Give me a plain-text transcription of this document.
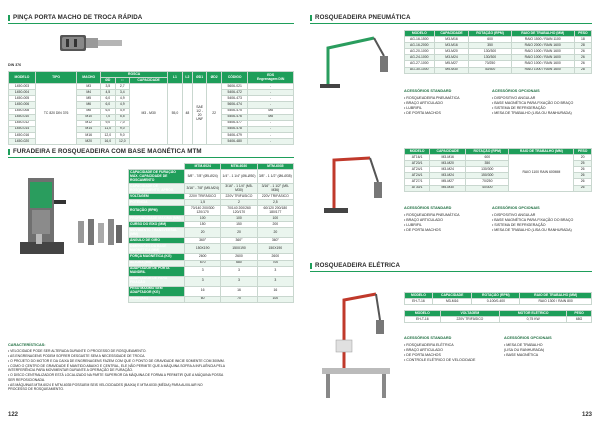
PINÇA PORTA MACHO DE TROCA RÁPIDA
DIN 376
MODELO	TIPO	MACHO	ROSCA			L1	L2	ØD1	ØD2	CÓDIGO	EDS
Engrenagem DIN
			ØD	□	CAPACIDADE						
1450-003	TC 820 DIN 376	M3	3,5	2,7	M3 - M30	55,0	48	SAE 1/2 - 20 UNF	22	5606-021	-
1450-004		M4	4,5	3,4						5406-472	-
1450-005		M5	6,0	4,9						5406-473	-
1450-006		M6	6,0	4,9						5606-474	-
1450-008		M8	6,0	4,9						5406-475	M8
1450-010		M10	7,0	5,5						5406-476	M8
1450-012		M12	9,0	7,0						5406-477	-
1450-014		M14	11,0	9,0						5406-478	-
1450-016		M16	12,0	9,0						5406-479	-
1450-020		M20	16,0	12,0						5406-480	-
FURADEIRA E ROSQUEADEIRA COM BASE MAGNÉTICA MTM
	MTM-6024	MTM-6030	MTM-6035
CAPACIDADE DE FURAÇÃO MÁX. CAPACIDADE DE ROSCAMENTO	5/8" - 7/8" (Ø5-Ø24)	1/4" - 1 1/4" (Ø6-Ø30)	3/8" - 1 1/2" (Ø6-Ø35)
CAPACIDADE DE ROSQUEAMENTO, APROX.	3/16" - 7/8" (M5-M24)	3/16" - 1 1/4" (M5-M30)	3/16" - 1 1/2" (M5-M36)
VOLTAGEM	220V TRIFÁSICO	220V TRIFÁSICO	220V TRIFÁSICO
POTÊNCIA	1,5	2	2,5
ROTAÇÃO (RPM)	70/140 200/300 120/170	70/140 200/260 120/170	60/120 200/180 180/177
PROFUNDIDADE MÁXIMA (MM)	100	100	100
CURSO DO EIXO (MM)	150	150	200
MOVIMENTO TRANSVERSAL (MM)	20	20	20
ÂNGULO DE GIRO	360°	360°	360°
DIMENSÕES DA BASE MAGNÉTICA (MM)	150X190	150X190	150X190
FORÇA MAGNÉTICA (KG)	2600	2600	2600
ALTURA (MM)	670	680	700
ADAPTADOR DE PORTA MANDRIL	3	3	3
ADAPTADOR DE PARA FIXAÇÃO	3	3	3
PESO MÁXIMO SEM ADAPTADOR (KG)	16	16	16
PESO (KG)	60	70	100
CARACTERÍSTICAS:
• VELOCIDADE PODE SER ALTERADA DURANTE O PROCESSO DE ROSQUEAMENTO.
• AS ENGRENAGENS PODEM SOFRER DESGASTE SEM A NECESSIDADE DE TROCA.
• O PROJETO DO MOTOR E DA CAIXA DE ENGRENAGENS FAZEM COM QUE O PONTO DE GRAVIDADE INICIE SOMENTE COM 300MM.
• COMO O CENTRO DE GRAVIDADE É MANTIDO ABAIXO E CENTRAL, ELE NÃO PERMITE QUE A MÁQUINA SOFRA A INFLUÊNCIA PELA
INTERFERÊNCIA PARA MOVIMENTAR DURANTE A OPERAÇÃO DE FURAÇÃO.
• O DISCO CENTRALIZADOR ESTÁ LOCALIZADO NA PARTE SUPERIOR DA MÁQUINA DE FORMA A PERMITIR QUE A MÁQUINA POSSA
SER REPOSICIONADA.
• AS MÁQUINAS MTM-6024 E MTM-6035 POSSUEM SEIS VELOCIDADES (BAIXA) E MTM-6030 (MÉDIA) PARA AUXILIAR NO
PROCESSO DE ROSQUEAMENTO.
122
ROSQUEADEIRA PNEUMÁTICA
MODELO	CAPACIDADE	ROTAÇÃO (RPM)	RAIO DE TRABALHO (MM)	PESO
AG-16-1500	M3-M16	600	RAIO 1500 / RAIN 1100	18
AG-16-2000	M3-M16	350	RAIO 2000 / RAIN 1600	28
AG-20-1000	M3-M20	130/300	RAIO 1000 / RAIN 1600	26
AG-24-1000	M3-M24	130/300	RAIO 1000 / RAIN 1600	26
AG-27-1000	M5-M27	70/250	RAIO 1000 / RAIN 1600	26
AG-30-1000	M5-M30	40/300	RAIO 1000 / RAIN 1600	28
ACESSÓRIOS STANDARD
• ROSQUEADEIRA PNEUMÁTICA
• BRAÇO ARTICULADO
• LUBRIFIL
• DE PORTA MACHOS
ACESSÓRIOS OPCIONAIS
• DISPOSITIVO ANGULAR
• BASE MAGNÉTICA PARA FIXAÇÃO DO BRAÇO
• SISTEMA DE REFRIGERAÇÃO
• MESA DE TRABALHO (LISA OU RANHURADA)
MODELO	CAPACIDADE	ROTAÇÃO (RPM)	RAIO DE TRABALHO (MM)	PESO
AT16/1	M3-M16	600	RAIO 1100 RAIN 600MM	20
AT20/1	M3-M20	350		25
AT24/1	M3-M24	130/300		26
AT24/1	M3-M24	150/300		26
AT27/1	M5-M27	70/250		26
AT30/1	M5-M30	40/300		26
ACESSÓRIOS STANDARD
• ROSQUEADEIRA PNEUMÁTICA
• BRAÇO ARTICULADO
• LUBRIFIL
• DE PORTA MACHOS
ACESSÓRIOS OPCIONAIS
• DISPOSITIVO ANGULAR
• BASE MAGNÉTICA PARA FIXAÇÃO DO BRAÇO
• SISTEMA DE REFRIGERAÇÃO
• MESA DE TRABALHO (LISA OU RANHURADA)
ROSQUEADEIRA ELÉTRICA
MODELO	CAPACIDADE	ROTAÇÃO (RPM)	RAIO DE TRABALHO (MM)
EH-T-16	M3-M16	0-100/0-400	RAIO 1300 / RAIN 800
MODELO	VOLTAGEM	MOTOR ELÉTRICO	PESO
EH-T-16	220V TRIFÁSICO	0,75 KW	68G
ACESSÓRIOS STANDARD
• ROSQUEADEIRA ELÉTRICA
• BRAÇO ARTICULADO
• DE PORTA MACHOS
• CONTROLE ELÉTRICO DE VELOCIDADE
ACESSÓRIOS OPCIONAIS
• MESA DE TRABALHO
(LISA OU RANHURADA)
• BASE MAGNÉTICA
123
